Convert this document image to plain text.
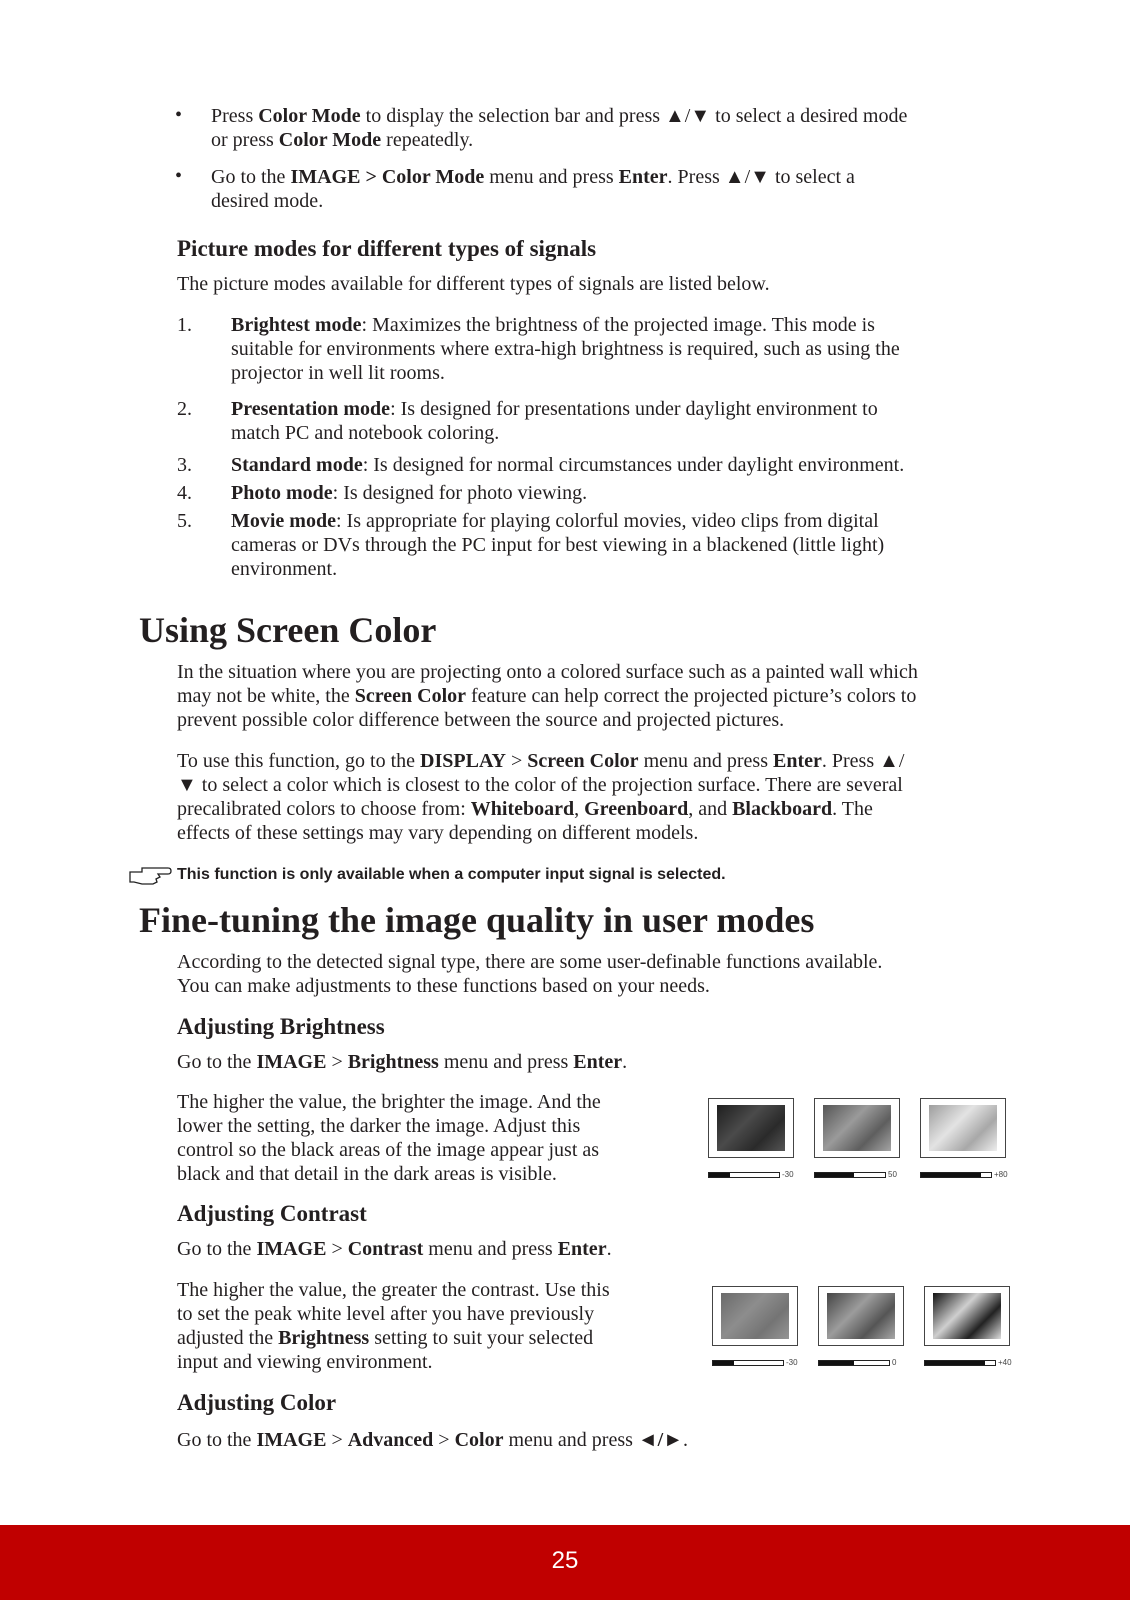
• Press Color Mode to display the selection bar and press ▲/▼ to select a desired mode
or press Color Mode repeatedly.
• Go to the IMAGE > Color Mode menu and press Enter. Press ▲/▼ to select a
desired mode.
Picture modes for different types of signals
The picture modes available for different types of signals are listed below.
1. Brightest mode: Maximizes the brightness of the projected image. This mode is
suitable for environments where extra-high brightness is required, such as using the
projector in well lit rooms.
2. Presentation mode: Is designed for presentations under daylight environment to
match PC and notebook coloring.
3. Standard mode: Is designed for normal circumstances under daylight environment.
4. Photo mode: Is designed for photo viewing.
5. Movie mode: Is appropriate for playing colorful movies, video clips from digital
cameras or DVs through the PC input for best viewing in a blackened (little light)
environment.
Using Screen Color
In the situation where you are projecting onto a colored surface such as a painted wall which
may not be white, the Screen Color feature can help correct the projected picture’s colors to
prevent possible color difference between the source and projected pictures.
To use this function, go to the DISPLAY > Screen Color menu and press Enter. Press ▲/
▼ to select a color which is closest to the color of the projection surface. There are several
precalibrated colors to choose from: Whiteboard, Greenboard, and Blackboard. The
effects of these settings may vary depending on different models.
This function is only available when a computer input signal is selected.
Fine-tuning the image quality in user modes
According to the detected signal type, there are some user-definable functions available.
You can make adjustments to these functions based on your needs.
Adjusting Brightness
Go to the IMAGE > Brightness menu and press Enter.
The higher the value, the brighter the image. And the
lower the setting, the darker the image. Adjust this
control so the black areas of the image appear just as
black and that detail in the dark areas is visible.	-30	50	+80
Adjusting Contrast
Go to the IMAGE > Contrast menu and press Enter.
The higher the value, the greater the contrast. Use this
to set the peak white level after you have previously
adjusted the Brightness setting to suit your selected
input and viewing environment.	-30	0	+40
Adjusting Color
Go to the IMAGE > Advanced > Color menu and press ◄/►.
25
